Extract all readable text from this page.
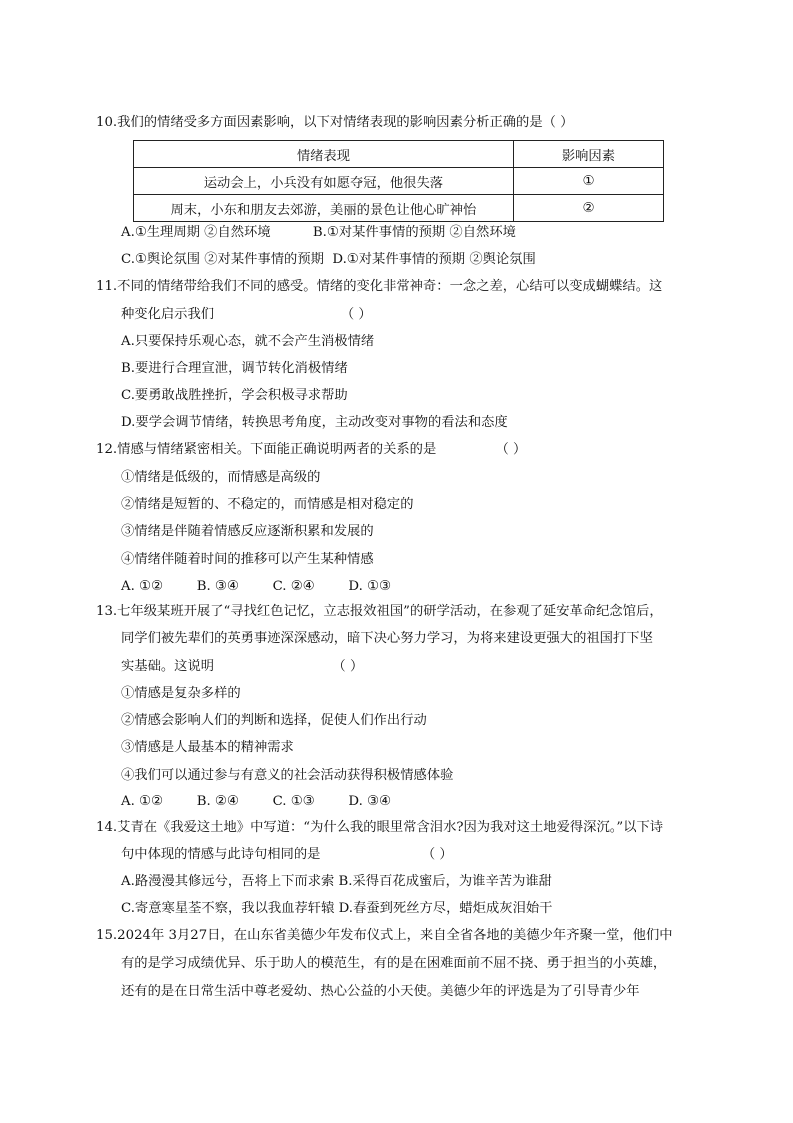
10.我们的情绪受多方面因素影响，以下对情绪表现的影响因素分析正确的是（ ）
情绪表现	影响因素
运动会上，小兵没有如愿夺冠，他很失落	①
周末，小东和朋友去郊游，美丽的景色让他心旷神怡	②
A.①生理周期 ②自然环境          B.①对某件事情的预期 ②自然环境
C.①舆论氛围 ②对某件事情的预期  D.①对某件事情的预期 ②舆论氛围
11.不同的情绪带给我们不同的感受。情绪的变化非常神奇：一念之差，心结可以变成蝴蝶结。这
种变化启示我们                              （ ）
A.只要保持乐观心态，就不会产生消极情绪
B.要进行合理宣泄，调节转化消极情绪
C.要勇敢战胜挫折，学会积极寻求帮助
D.要学会调节情绪，转换思考角度，主动改变对事物的看法和态度
12.情感与情绪紧密相关。下面能正确说明两者的关系的是              （ ）
①情绪是低级的，而情感是高级的
②情绪是短暂的、不稳定的，而情感是相对稳定的
③情绪是伴随着情感反应逐渐积累和发展的
④情绪伴随着时间的推移可以产生某种情感
A. ①②        B. ③④        C. ②④        D. ①③
13.七年级某班开展了“寻找红色记忆，立志报效祖国”的研学活动，在参观了延安革命纪念馆后，
同学们被先辈们的英勇事迹深深感动，暗下决心努力学习，为将来建设更强大的祖国打下坚
实基础。这说明                            （ ）
①情感是复杂多样的
②情感会影响人们的判断和选择，促使人们作出行动
③情感是人最基本的精神需求
④我们可以通过参与有意义的社会活动获得积极情感体验
A. ①②        B. ②④        C. ①③        D. ③④
14.艾青在《我爱这土地》中写道：“为什么我的眼里常含泪水?因为我对这土地爱得深沉。”以下诗
句中体现的情感与此诗句相同的是                        （ ）
A.路漫漫其修远兮，吾将上下而求索 B.采得百花成蜜后，为谁辛苦为谁甜
C.寄意寒星荃不察，我以我血荐轩辕 D.春蚕到死丝方尽，蜡炬成灰泪始干
15.2024年 3月27日，在山东省美德少年发布仪式上，来自全省各地的美德少年齐聚一堂，他们中
有的是学习成绩优异、乐于助人的模范生，有的是在困难面前不屈不挠、勇于担当的小英雄，
还有的是在日常生活中尊老爱幼、热心公益的小天使。美德少年的评选是为了引导青少年
